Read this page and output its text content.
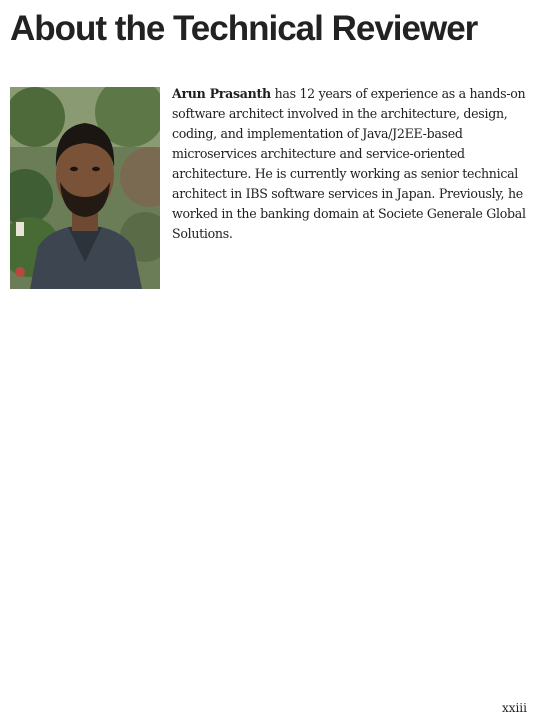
About the Technical Reviewer

Arun Prasanth has 12 years of experience as a hands-on software architect involved in the architecture, design, coding, and implementation of Java/J2EE-based microservices architecture and service-oriented architecture. He is currently working as senior technical architect in IBS software services in Japan. Previously, he worked in the banking domain at Societe Generale Global Solutions.

xxiii
